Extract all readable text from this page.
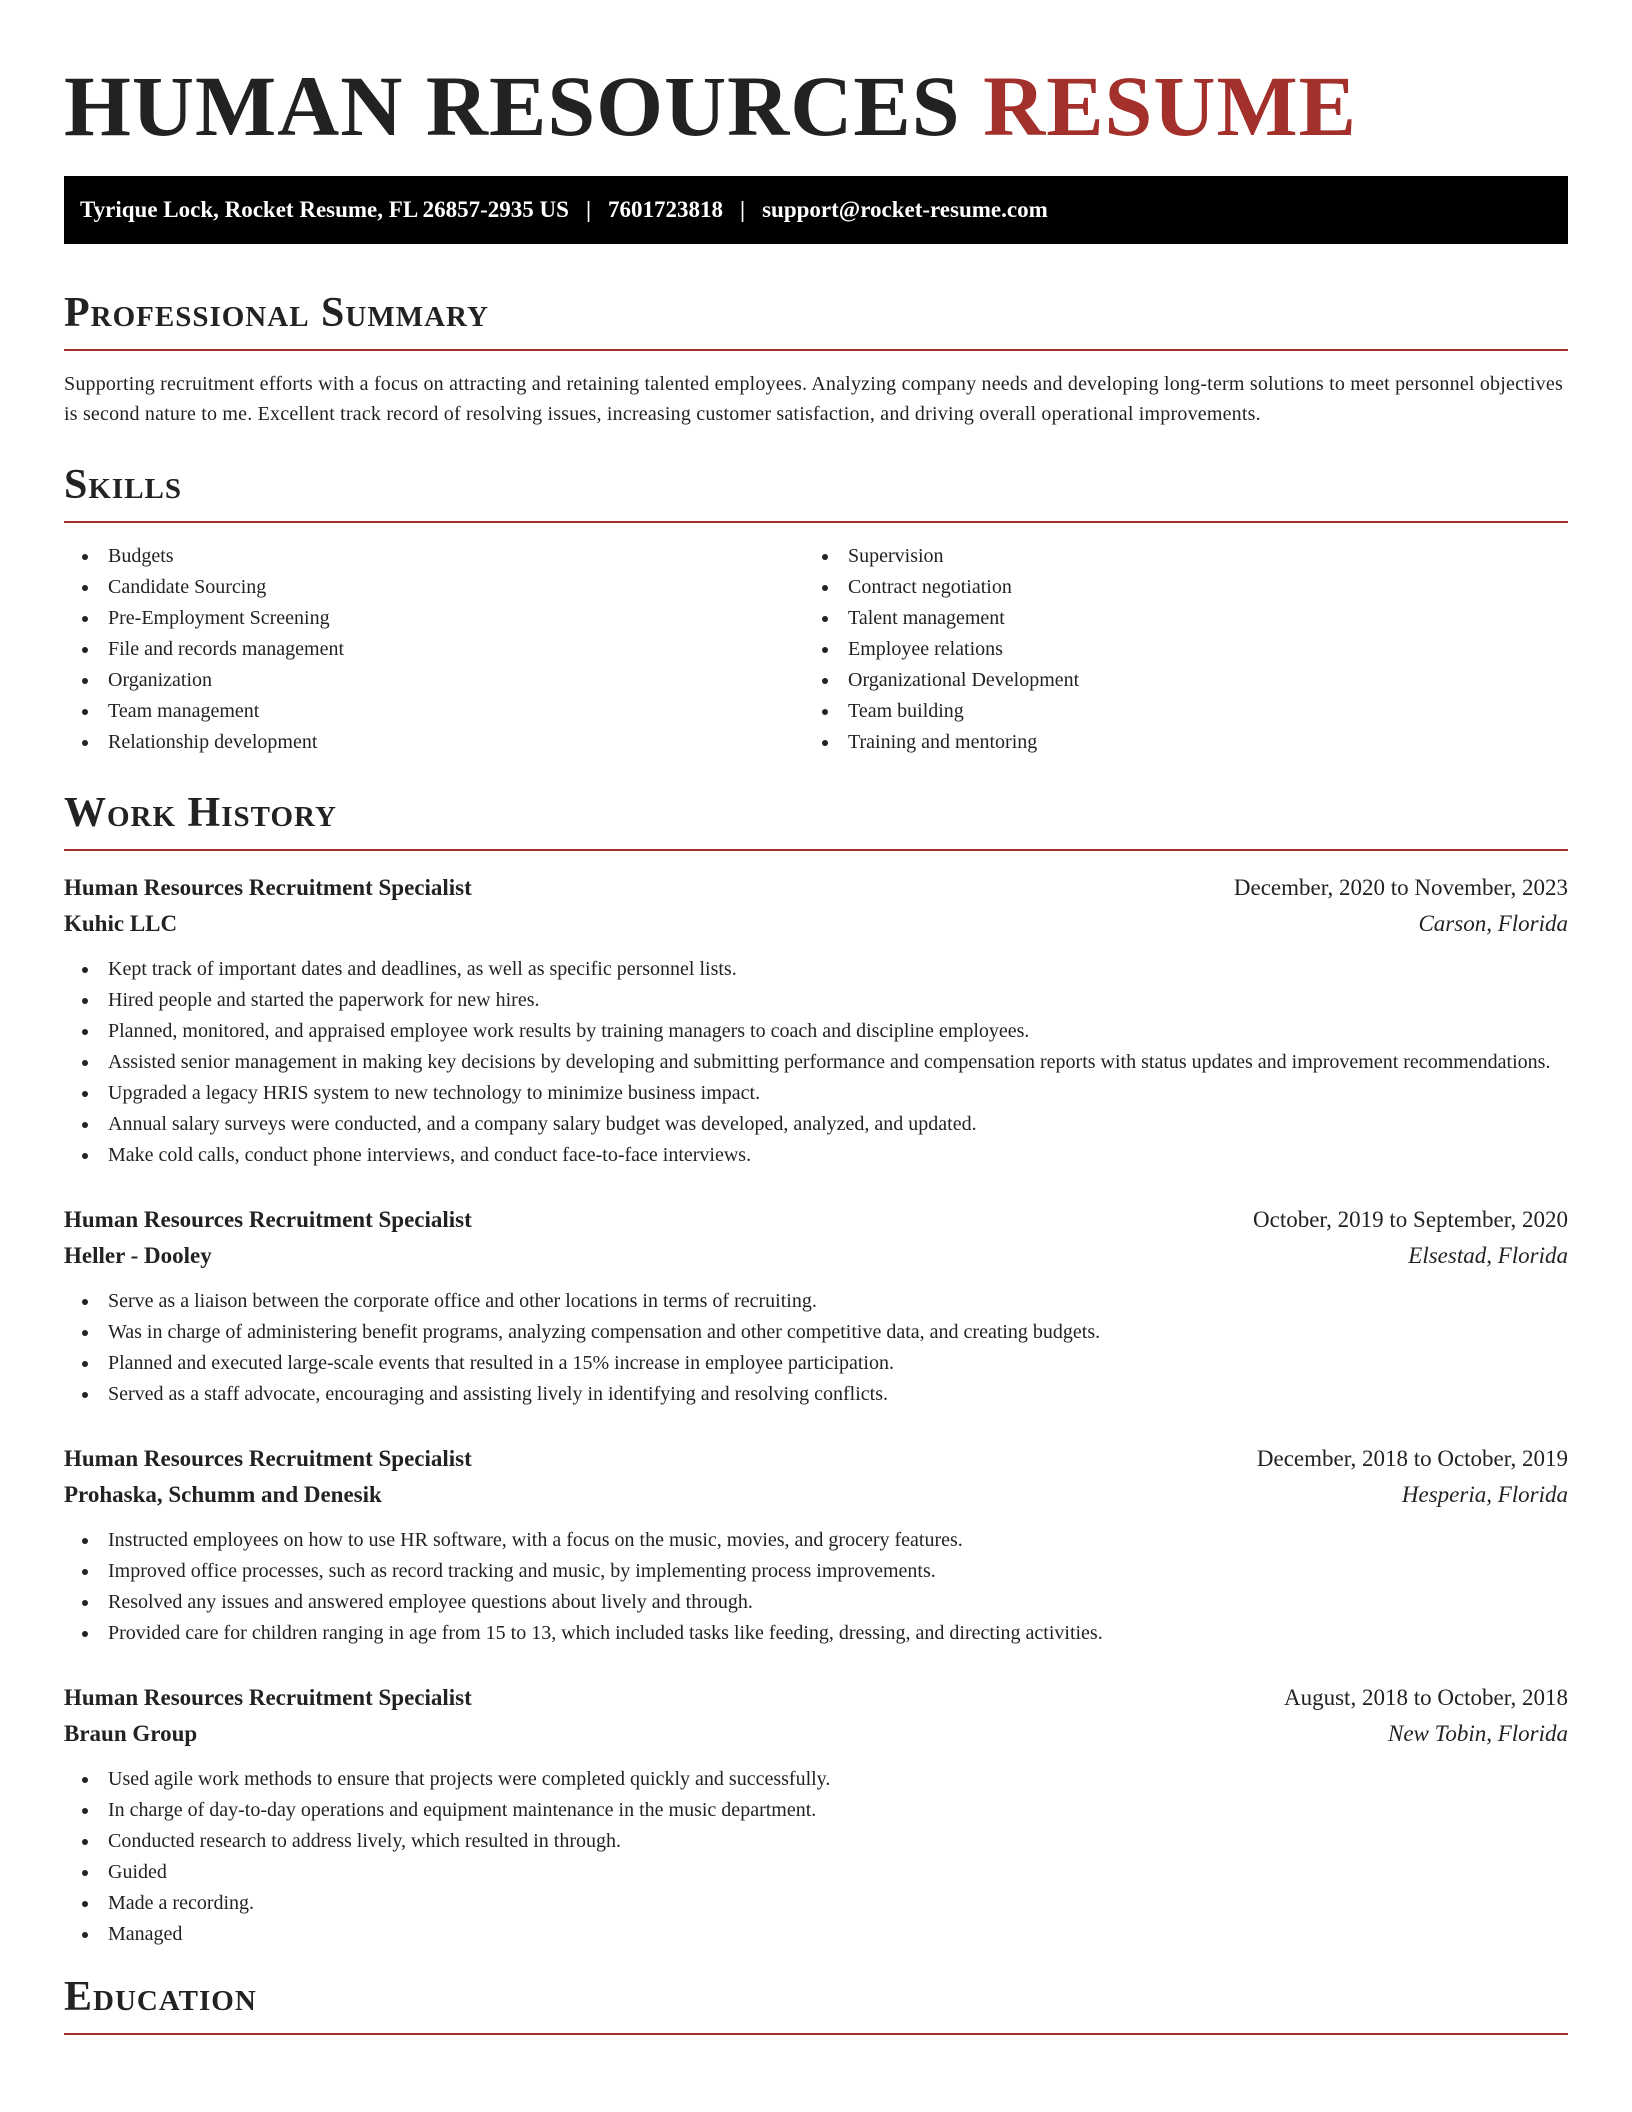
HUMAN RESOURCES RESUME
Tyrique Lock, Rocket Resume, FL 26857-2935 US | 7601723818 | support@rocket-resume.com
Professional Summary

Supporting recruitment efforts with a focus on attracting and retaining talented employees. Analyzing company needs and developing long-term solutions to meet personnel objectives is second nature to me. Excellent track record of resolving issues, increasing customer satisfaction, and driving overall operational improvements.

Skills
Budgets
Candidate Sourcing
Pre-Employment Screening
File and records management
Organization
Team management
Relationship development
Supervision
Contract negotiation
Talent management
Employee relations
Organizational Development
Team building
Training and mentoring
Work History
Human Resources Recruitment Specialist	December, 2020 to November, 2023
Kuhic LLC	Carson, Florida
Kept track of important dates and deadlines, as well as specific personnel lists.
Hired people and started the paperwork for new hires.
Planned, monitored, and appraised employee work results by training managers to coach and discipline employees.
Assisted senior management in making key decisions by developing and submitting performance and compensation reports with status updates and improvement recommendations.
Upgraded a legacy HRIS system to new technology to minimize business impact.
Annual salary surveys were conducted, and a company salary budget was developed, analyzed, and updated.
Make cold calls, conduct phone interviews, and conduct face-to-face interviews.
Human Resources Recruitment Specialist	October, 2019 to September, 2020
Heller - Dooley	Elsestad, Florida
Serve as a liaison between the corporate office and other locations in terms of recruiting.
Was in charge of administering benefit programs, analyzing compensation and other competitive data, and creating budgets.
Planned and executed large-scale events that resulted in a 15% increase in employee participation.
Served as a staff advocate, encouraging and assisting lively in identifying and resolving conflicts.
Human Resources Recruitment Specialist	December, 2018 to October, 2019
Prohaska, Schumm and Denesik	Hesperia, Florida
Instructed employees on how to use HR software, with a focus on the music, movies, and grocery features.
Improved office processes, such as record tracking and music, by implementing process improvements.
Resolved any issues and answered employee questions about lively and through.
Provided care for children ranging in age from 15 to 13, which included tasks like feeding, dressing, and directing activities.
Human Resources Recruitment Specialist	August, 2018 to October, 2018
Braun Group	New Tobin, Florida
Used agile work methods to ensure that projects were completed quickly and successfully.
In charge of day-to-day operations and equipment maintenance in the music department.
Conducted research to address lively, which resulted in through.
Guided
Made a recording.
Managed
Education
